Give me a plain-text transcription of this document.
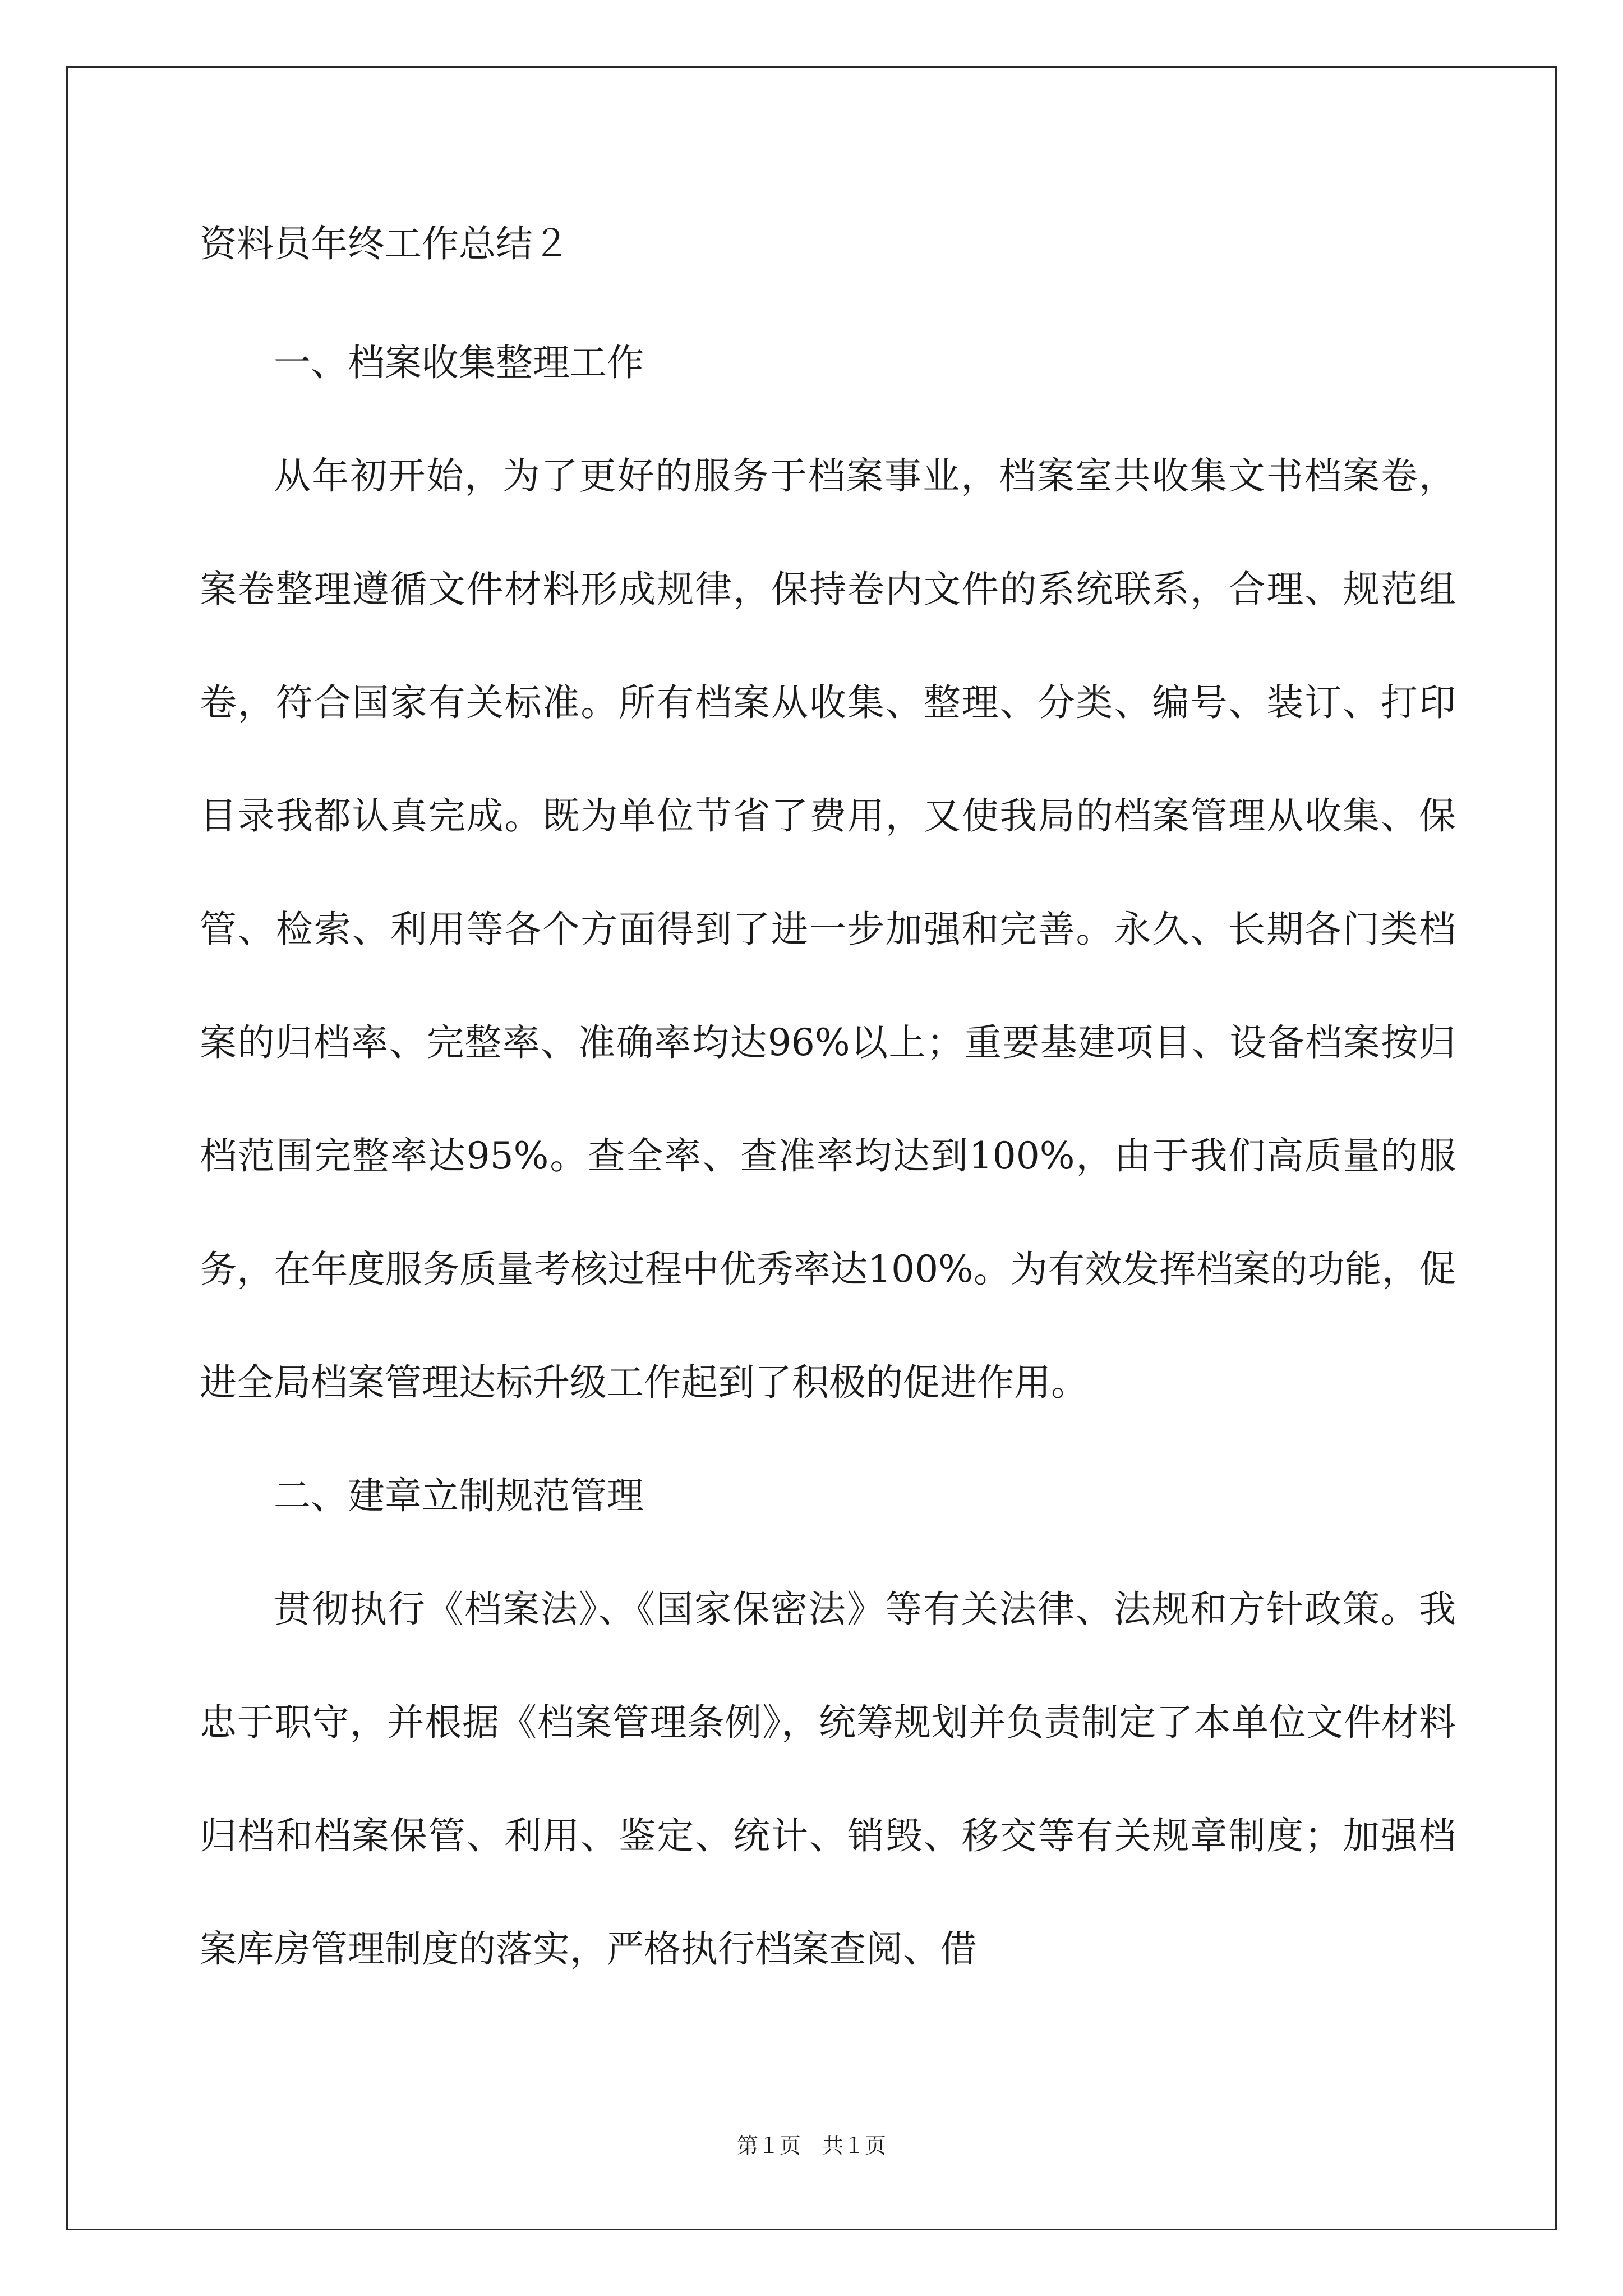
资料员年终工作总结２

一、档案收集整理工作

从年初开始，为了更好的服务于档案事业，档案室共收集文书档案卷，案卷整理遵循文件材料形成规律，保持卷内文件的系统联系，合理、规范组卷，符合国家有关标准。所有档案从收集、整理、分类、编号、装订、打印目录我都认真完成。既为单位节省了费用，又使我局的档案管理从收集、保管、检索、利用等各个方面得到了进一步加强和完善。永久、长期各门类档案的归档率、完整率、准确率均达96%以上；重要基建项目、设备档案按归档范围完整率达95%。查全率、查准率均达到100%，由于我们高质量的服务，在年度服务质量考核过程中优秀率达100%。为有效发挥档案的功能，促进全局档案管理达标升级工作起到了积极的促进作用。

二、建章立制规范管理

贯彻执行《档案法》、《国家保密法》等有关法律、法规和方针政策。我忠于职守，并根据《档案管理条例》，统筹规划并负责制定了本单位文件材料归档和档案保管、利用、鉴定、统计、销毁、移交等有关规章制度；加强档案库房管理制度的落实，严格执行档案查阅、借

第１页　共１页
